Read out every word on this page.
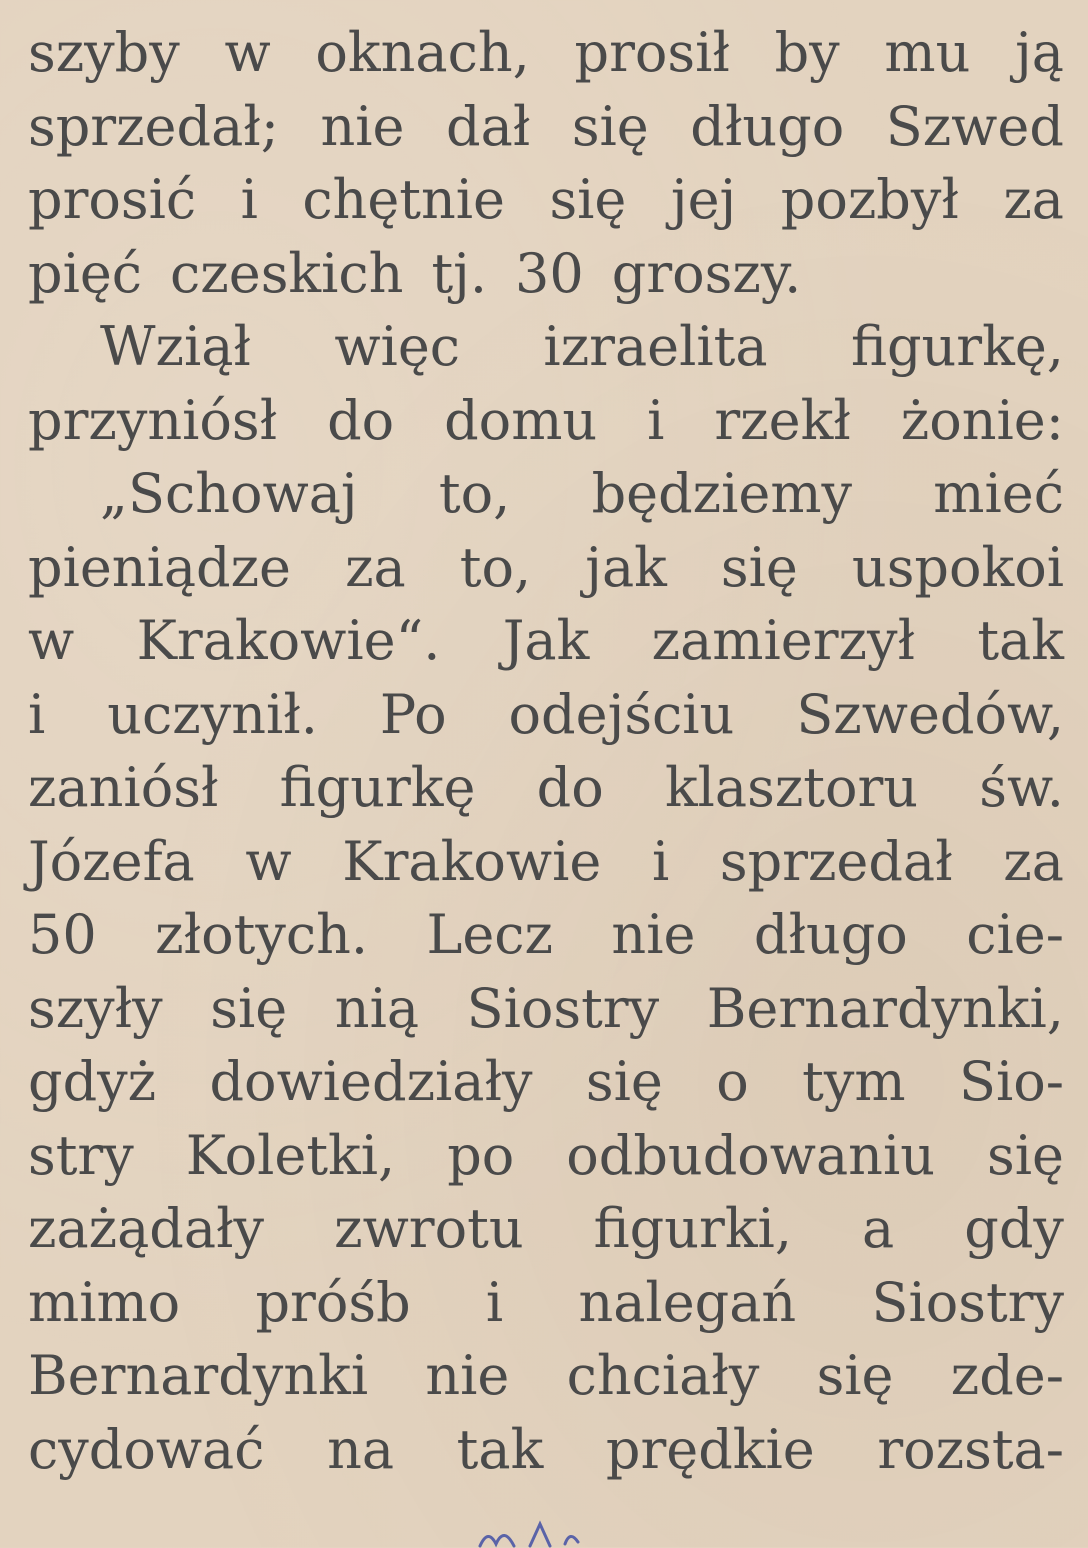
szyby w oknach, prosił by mu ją
sprzedał; nie dał się długo Szwed
prosić i chętnie się jej pozbył za
pięć czeskich tj. 30 groszy.
Wziął więc izraelita figurkę,
przyniósł do domu i rzekł żonie:
„Schowaj to, będziemy mieć
pieniądze za to, jak się uspokoi
w Krakowie“. Jak zamierzył tak
i uczynił. Po odejściu Szwedów,
zaniósł figurkę do klasztoru św.
Józefa w Krakowie i sprzedał za
50 złotych. Lecz nie długo cie-
szyły się nią Siostry Bernardynki,
gdyż dowiedziały się o tym Sio-
stry Koletki, po odbudowaniu się
zażądały zwrotu figurki, a gdy
mimo próśb i nalegań Siostry
Bernardynki nie chciały się zde-
cydować na tak prędkie rozsta-
